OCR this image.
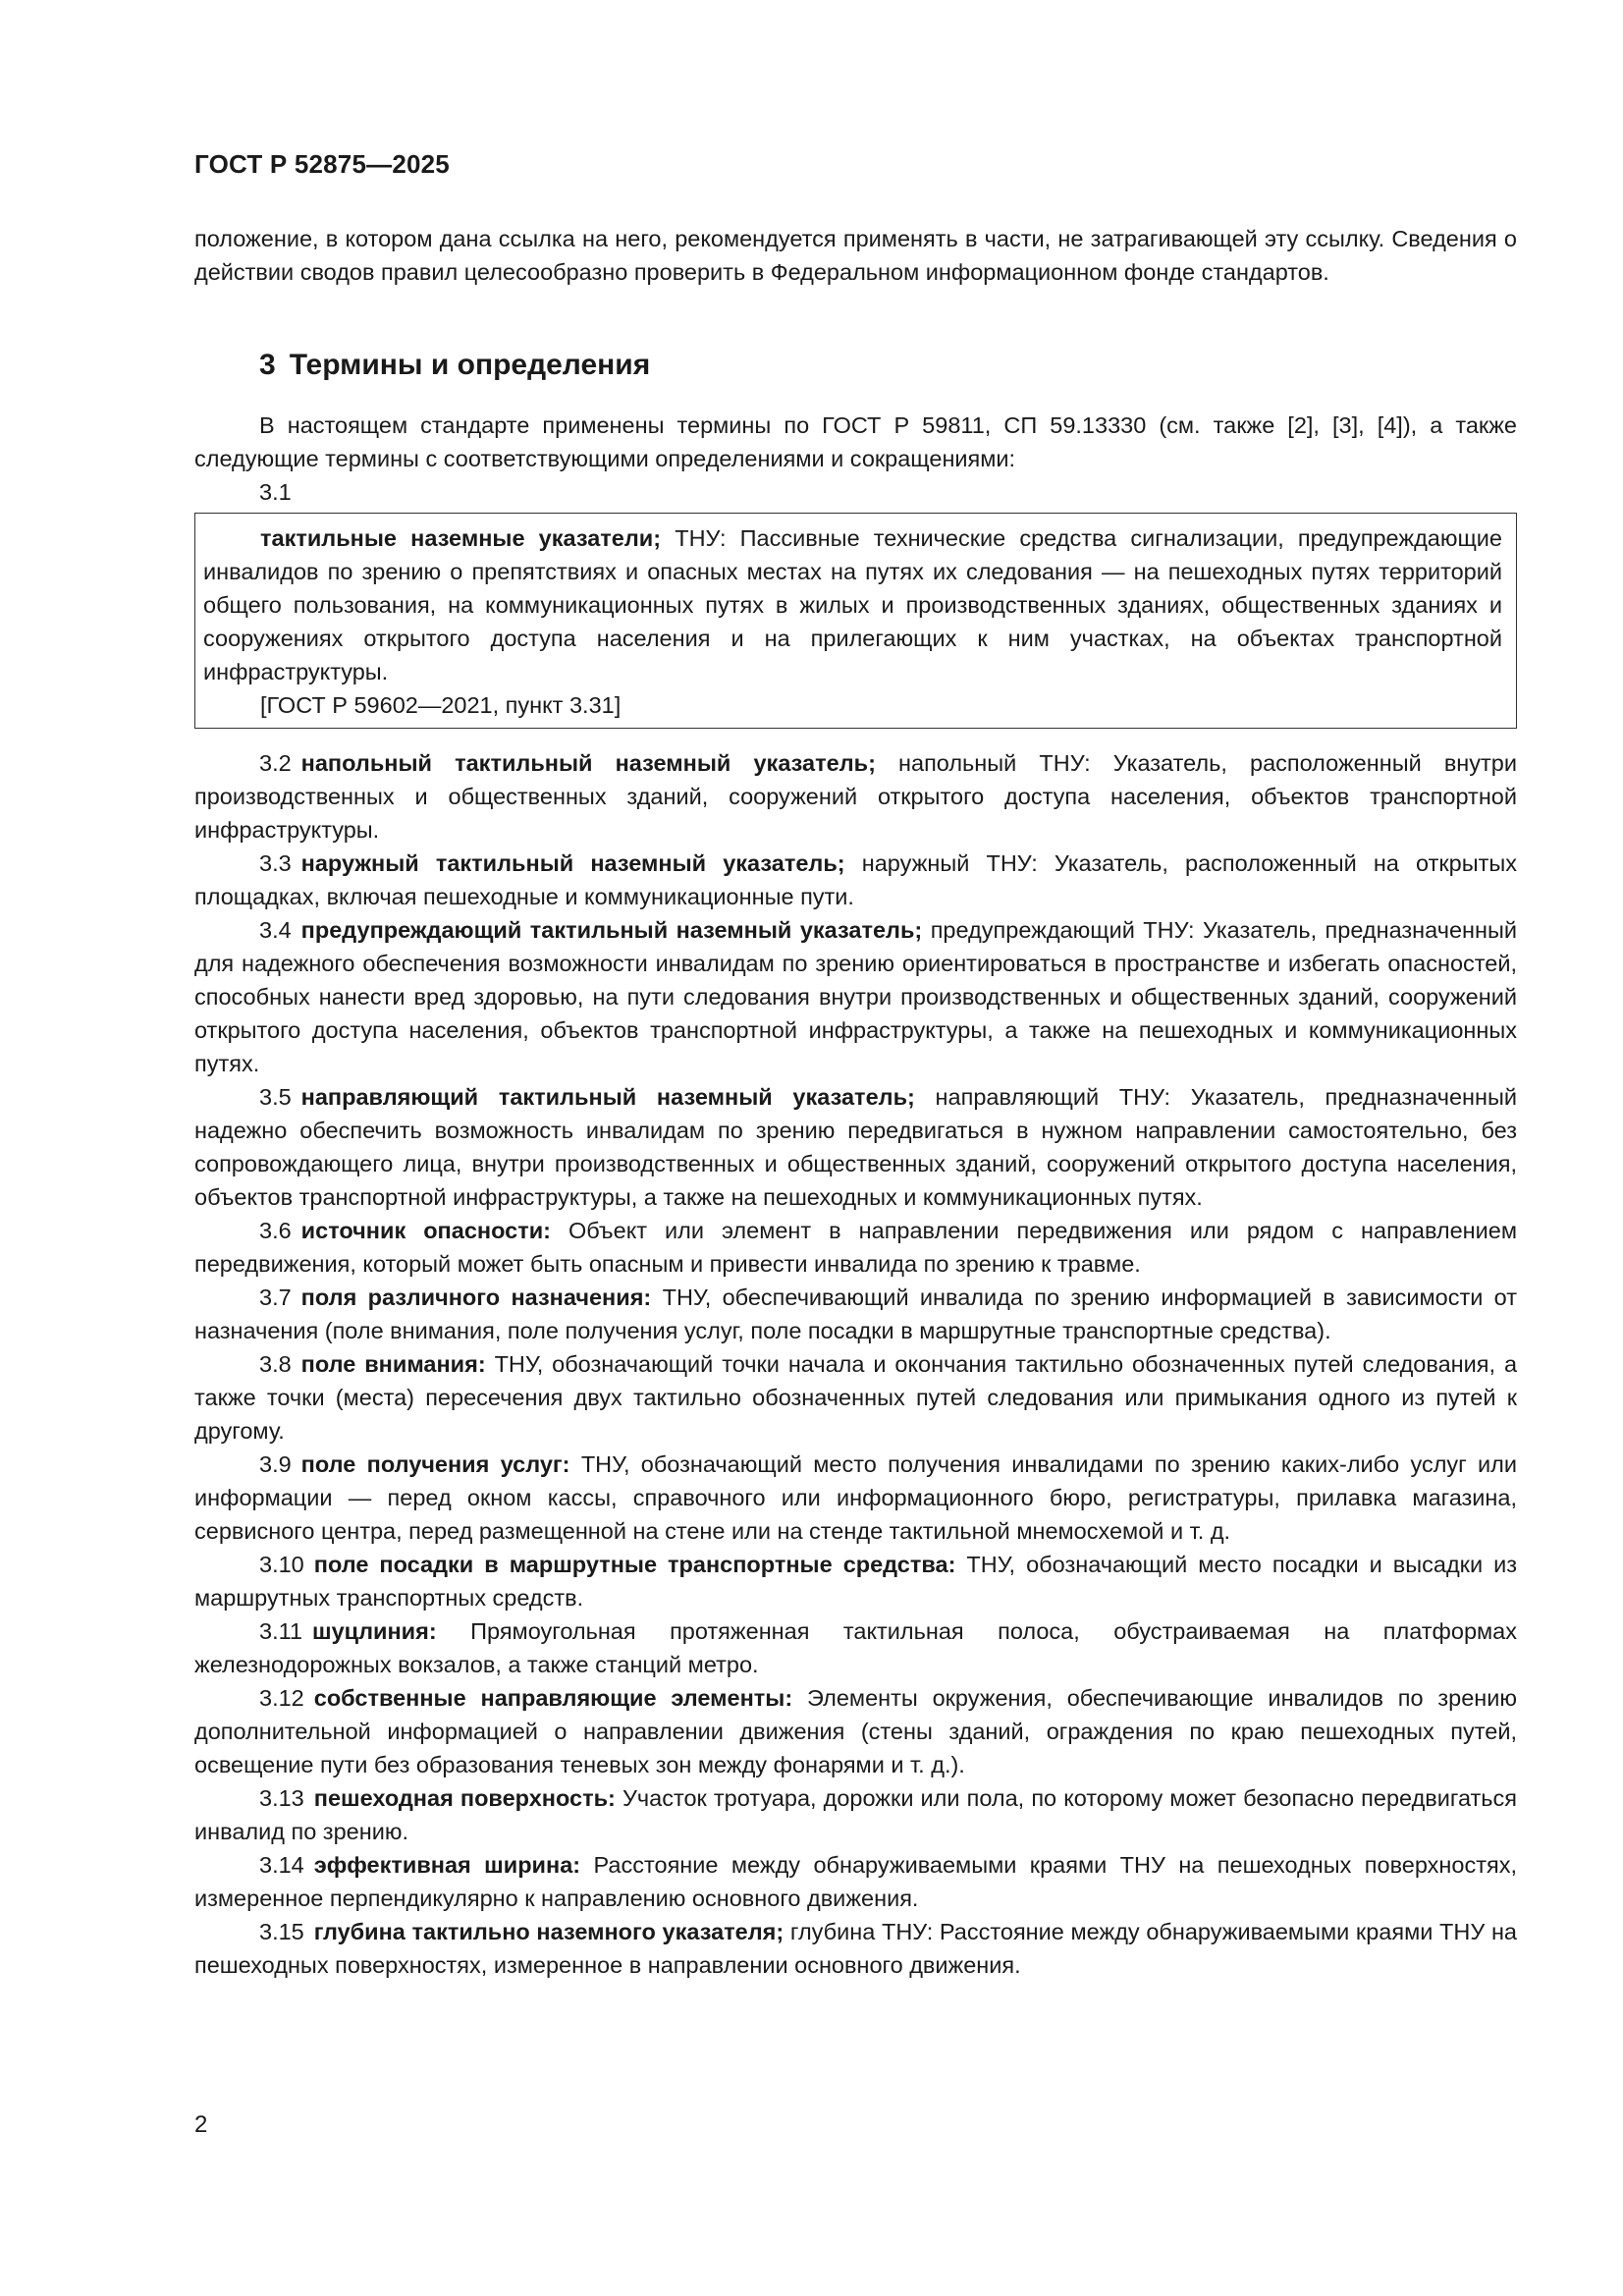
ГОСТ Р 52875—2025

положение, в котором дана ссылка на него, рекомендуется применять в части, не затрагивающей эту ссылку. Сведения о действии сводов правил целесообразно проверить в Федеральном информационном фонде стандартов.

3 Термины и определения

В настоящем стандарте применены термины по ГОСТ Р 59811, СП 59.13330 (см. также [2], [3], [4]), а также следующие термины с соответствующими определениями и сокращениями:

3.1

тактильные наземные указатели; ТНУ: Пассивные технические средства сигнализации, предупреждающие инвалидов по зрению о препятствиях и опасных местах на путях их следования — на пешеходных путях территорий общего пользования, на коммуникационных путях в жилых и производственных зданиях, общественных зданиях и сооружениях открытого доступа населения и на прилегающих к ним участках, на объектах транспортной инфраструктуры.

[ГОСТ Р 59602—2021, пункт 3.31]

3.2 напольный тактильный наземный указатель; напольный ТНУ: Указатель, расположенный внутри производственных и общественных зданий, сооружений открытого доступа населения, объектов транспортной инфраструктуры.

3.3 наружный тактильный наземный указатель; наружный ТНУ: Указатель, расположенный на открытых площадках, включая пешеходные и коммуникационные пути.

3.4 предупреждающий тактильный наземный указатель; предупреждающий ТНУ: Указатель, предназначенный для надежного обеспечения возможности инвалидам по зрению ориентироваться в пространстве и избегать опасностей, способных нанести вред здоровью, на пути следования внутри производственных и общественных зданий, сооружений открытого доступа населения, объектов транспортной инфраструктуры, а также на пешеходных и коммуникационных путях.

3.5 направляющий тактильный наземный указатель; направляющий ТНУ: Указатель, предназначенный надежно обеспечить возможность инвалидам по зрению передвигаться в нужном направлении самостоятельно, без сопровождающего лица, внутри производственных и общественных зданий, сооружений открытого доступа населения, объектов транспортной инфраструктуры, а также на пешеходных и коммуникационных путях.

3.6 источник опасности: Объект или элемент в направлении передвижения или рядом с направлением передвижения, который может быть опасным и привести инвалида по зрению к травме.

3.7 поля различного назначения: ТНУ, обеспечивающий инвалида по зрению информацией в зависимости от назначения (поле внимания, поле получения услуг, поле посадки в маршрутные транспортные средства).

3.8 поле внимания: ТНУ, обозначающий точки начала и окончания тактильно обозначенных путей следования, а также точки (места) пересечения двух тактильно обозначенных путей следования или примыкания одного из путей к другому.

3.9 поле получения услуг: ТНУ, обозначающий место получения инвалидами по зрению каких-либо услуг или информации — перед окном кассы, справочного или информационного бюро, регистратуры, прилавка магазина, сервисного центра, перед размещенной на стене или на стенде тактильной мнемосхемой и т. д.

3.10 поле посадки в маршрутные транспортные средства: ТНУ, обозначающий место посадки и высадки из маршрутных транспортных средств.

3.11 шуцлиния: Прямоугольная протяженная тактильная полоса, обустраиваемая на платформах железнодорожных вокзалов, а также станций метро.

3.12 собственные направляющие элементы: Элементы окружения, обеспечивающие инвалидов по зрению дополнительной информацией о направлении движения (стены зданий, ограждения по краю пешеходных путей, освещение пути без образования теневых зон между фонарями и т. д.).

3.13 пешеходная поверхность: Участок тротуара, дорожки или пола, по которому может безопасно передвигаться инвалид по зрению.

3.14 эффективная ширина: Расстояние между обнаруживаемыми краями ТНУ на пешеходных поверхностях, измеренное перпендикулярно к направлению основного движения.

3.15 глубина тактильно наземного указателя; глубина ТНУ: Расстояние между обнаруживаемыми краями ТНУ на пешеходных поверхностях, измеренное в направлении основного движения.

2
